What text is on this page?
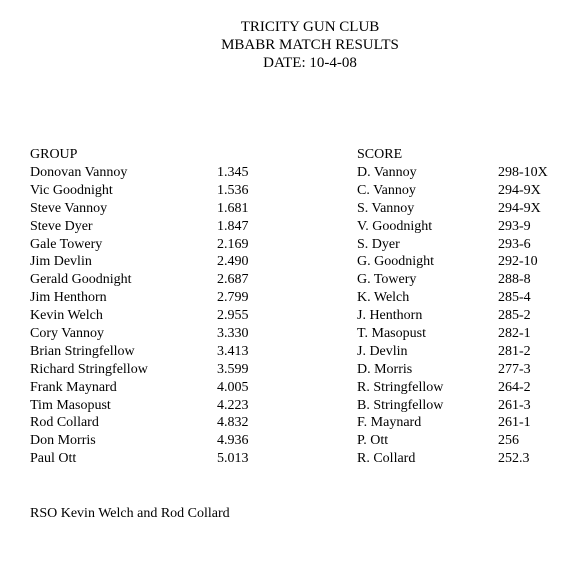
TRICITY GUN CLUB
MBABR MATCH RESULTS
DATE: 10-4-08
GROUP	SCORE
Donovan Vannoy
Vic Goodnight
Steve Vannoy
Steve Dyer
Gale Towery
Jim Devlin
Gerald Goodnight
Jim Henthorn
Kevin Welch
Cory Vannoy
Brian Stringfellow
Richard Stringfellow
Frank Maynard
Tim Masopust
Rod Collard
Don Morris
Paul Ott
1.345
1.536
1.681
1.847
2.169
2.490
2.687
2.799
2.955
3.330
3.413
3.599
4.005
4.223
4.832
4.936
5.013
D. Vannoy
C. Vannoy
S. Vannoy
V. Goodnight
S. Dyer
G. Goodnight
G. Towery
K. Welch
J. Henthorn
T. Masopust
J. Devlin
D. Morris
R. Stringfellow
B. Stringfellow
F. Maynard
P. Ott
R. Collard
298-10X
294-9X
294-9X
293-9
293-6
292-10
288-8
285-4
285-2
282-1
281-2
277-3
264-2
261-3
261-1
256
252.3
RSO Kevin Welch and Rod Collard
